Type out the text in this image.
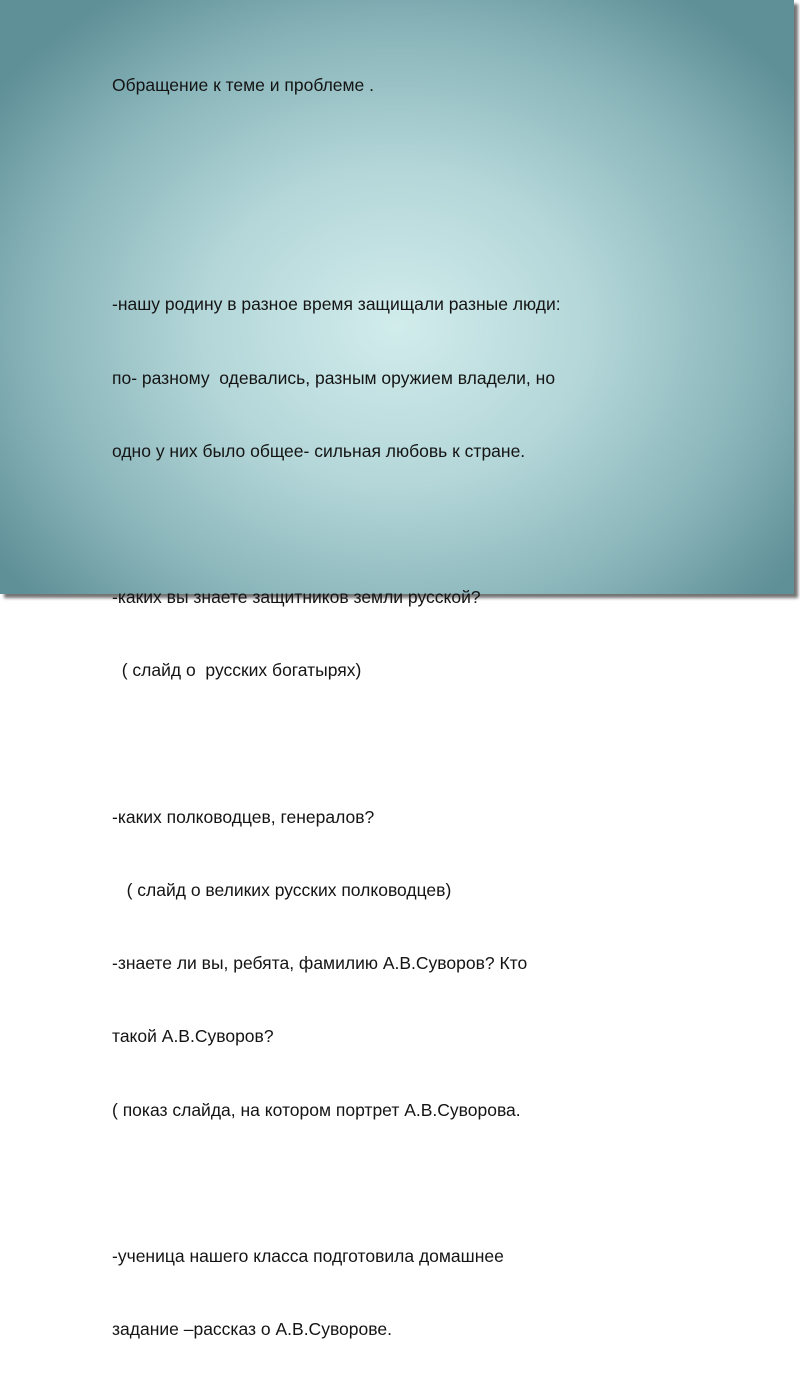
Обращение к теме и проблеме .

-нашу родину в разное время защищали разные люди:

по- разному  одевались, разным оружием владели, но

одно у них было общее- сильная любовь к стране.

-каких вы знаете защитников земли русской?

( слайд о  русских богатырях)

-каких полководцев, генералов?

( слайд о великих русских полководцев)

-знаете ли вы, ребята, фамилию А.В.Суворов? Кто

такой А.В.Суворов?

( показ слайда, на котором портрет А.В.Суворова.

-ученица нашего класса подготовила домашнее

задание –рассказ о А.В.Суворове.
